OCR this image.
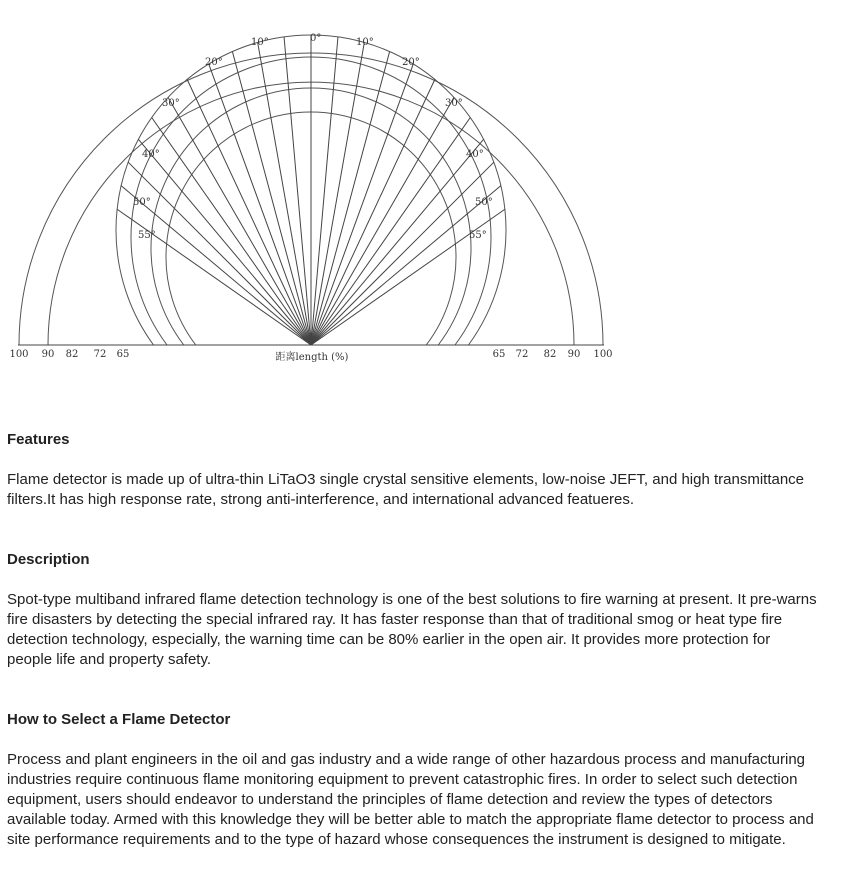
0°
10°	10°
20°	20°
30°	30°
40°	40°
50°	50°
55°	55°
100 90 82 72 65	65 72 82 90 100
距离length (%)

Features

Flame detector is made up of ultra-thin LiTaO3 single crystal sensitive elements, low-noise JEFT, and high transmittance filters.It has high response rate, strong anti-interference, and international advanced featueres.

Description

Spot-type multiband infrared flame detection technology is one of the best solutions to fire warning at present. It pre-warns fire disasters by detecting the special infrared ray. It has faster response than that of traditional smog or heat type fire detection technology, especially, the warning time can be 80% earlier in the open air. It provides more protection for people life and property safety.

How to Select a Flame Detector

Process and plant engineers in the oil and gas industry and a wide range of other hazardous process and manufacturing industries require continuous flame monitoring equipment to prevent catastrophic fires. In order to select such detection equipment, users should endeavor to understand the principles of flame detection and review the types of detectors available today. Armed with this knowledge they will be better able to match the appropriate flame detector to process and site performance requirements and to the type of hazard whose consequences the instrument is designed to mitigate.
